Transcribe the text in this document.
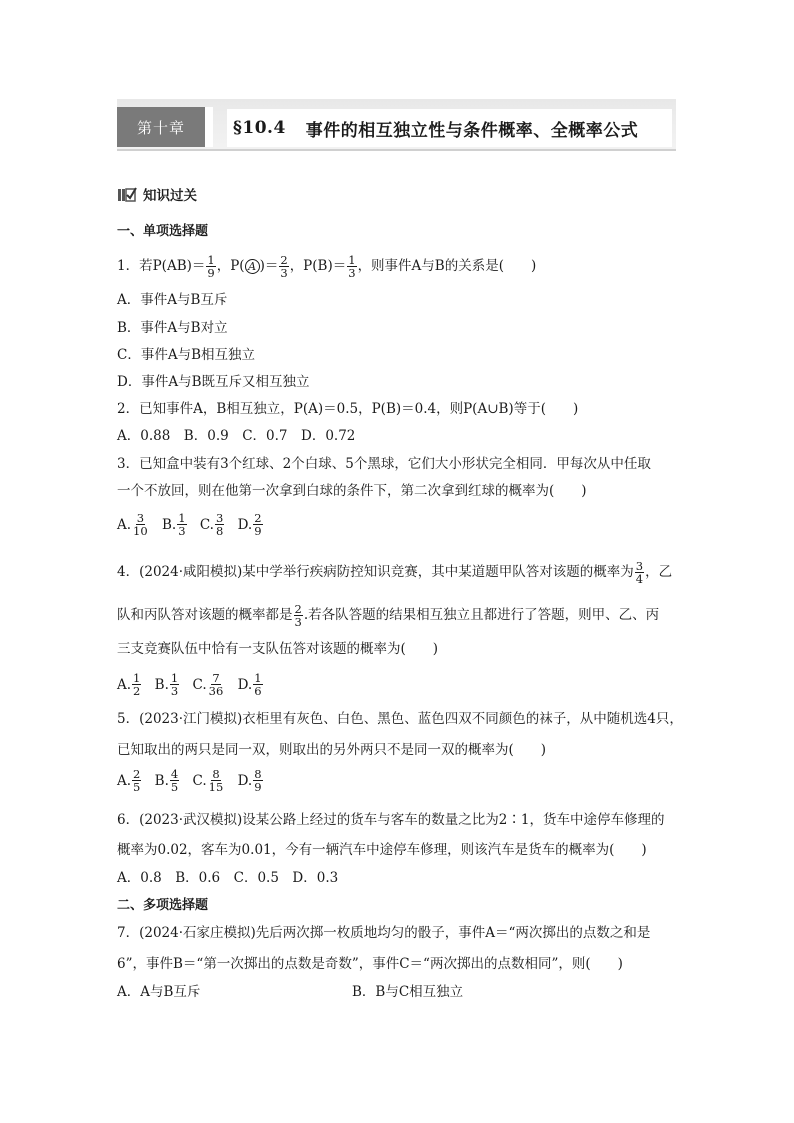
第十章	§10.4 事件的相互独立性与条件概率、全概率公式
知识过关
一、单项选择题
1．若$P(AB)= \frac{1}{9}$ ，P( A )＝ $\frac{2}{3}$ ，$P(B)= \frac{1}{3}$ ，则事件A与B的关系是(　　)
A．事件A与B互斥
B．事件A与B对立
C．事件A与B相互独立
D．事件A与B既互斥又相互独立
2．已知事件A，B相互独立，P(A)＝0.5，P(B)＝0.4，则P(A∪B)等于(　　)
A．0.88　B．0.9　C．0.7　D．0.72
3．已知盒中装有3个红球、2个白球、5个黑球，它们大小形状完全相同．甲每次从中任取
一个不放回，则在他第一次拿到白球的条件下，第二次拿到红球的概率为(　　)
A. $\frac{3}{10}$
B. $\frac{1}{3}$
C. $\frac{3}{8}$
D. $\frac{2}{9}$
4．(2024·咸阳模拟)某中学举行疾病防控知识竞赛，其中某道题甲队答对该题的概率为 $\frac{3}{4}$ ，乙
队和丙队答对该题的概率都是 $\frac{2}{3}$ .若各队答题的结果相互独立且都进行了答题，则甲、乙、丙
三支竞赛队伍中恰有一支队伍答对该题的概率为(　　)
A. $\frac{1}{2}$
B. $\frac{1}{3}$
C. $\frac{7}{36}$
D. $\frac{1}{6}$
5．(2023·江门模拟)衣柜里有灰色、白色、黑色、蓝色四双不同颜色的袜子，从中随机选4只，
已知取出的两只是同一双，则取出的另外两只不是同一双的概率为(　　)
A. $\frac{2}{5}$
B. $\frac{4}{5}$
C. $\frac{8}{15}$
D. $\frac{8}{9}$
6．(2023·武汉模拟)设某公路上经过的货车与客车的数量之比为2∶1，货车中途停车修理的
概率为0.02，客车为0.01，今有一辆汽车中途停车修理，则该汽车是货车的概率为(　　)
A．0.8　B．0.6　C．0.5　D．0.3
二、多项选择题
7．(2024·石家庄模拟)先后两次掷一枚质地均匀的骰子，事件A＝“两次掷出的点数之和是
6”，事件B＝“第一次掷出的点数是奇数”，事件C＝“两次掷出的点数相同”，则(　　)
A．A与B互斥	B．B与C相互独立
